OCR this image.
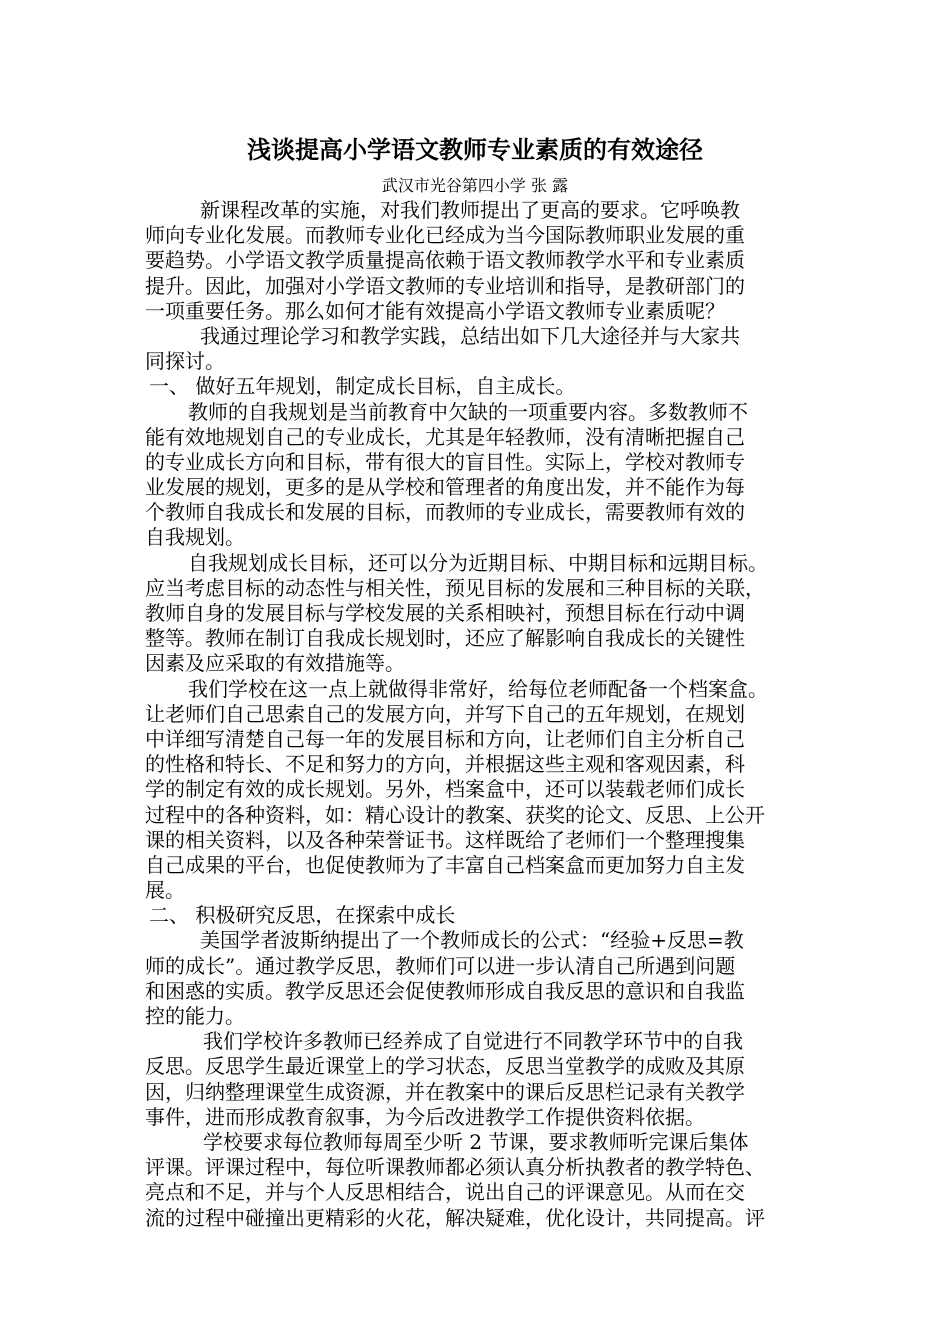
浅谈提高小学语文教师专业素质的有效途径
武汉市光谷第四小学 张 露
新课程改革的实施，对我们教师提出了更高的要求。它呼唤教
师向专业化发展。而教师专业化已经成为当今国际教师职业发展的重
要趋势。小学语文教学质量提高依赖于语文教师教学水平和专业素质
提升。因此，加强对小学语文教师的专业培训和指导，是教研部门的
一项重要任务。那么如何才能有效提高小学语文教师专业素质呢？
我通过理论学习和教学实践，总结出如下几大途径并与大家共
同探讨。
一、 做好五年规划，制定成长目标，自主成长。
教师的自我规划是当前教育中欠缺的一项重要内容。多数教师不
能有效地规划自己的专业成长，尤其是年轻教师，没有清晰把握自己
的专业成长方向和目标，带有很大的盲目性。实际上，学校对教师专
业发展的规划，更多的是从学校和管理者的角度出发，并不能作为每
个教师自我成长和发展的目标，而教师的专业成长，需要教师有效的
自我规划。
自我规划成长目标，还可以分为近期目标、中期目标和远期目标。
应当考虑目标的动态性与相关性，预见目标的发展和三种目标的关联，
教师自身的发展目标与学校发展的关系相映衬，预想目标在行动中调
整等。教师在制订自我成长规划时，还应了解影响自我成长的关键性
因素及应采取的有效措施等。
我们学校在这一点上就做得非常好，给每位老师配备一个档案盒。
让老师们自己思索自己的发展方向，并写下自己的五年规划，在规划
中详细写清楚自己每一年的发展目标和方向，让老师们自主分析自己
的性格和特长、不足和努力的方向，并根据这些主观和客观因素，科
学的制定有效的成长规划。另外，档案盒中，还可以装载老师们成长
过程中的各种资料，如：精心设计的教案、获奖的论文、反思、上公开
课的相关资料，以及各种荣誉证书。这样既给了老师们一个整理搜集
自己成果的平台，也促使教师为了丰富自己档案盒而更加努力自主发
展。
二、 积极研究反思，在探索中成长
美国学者波斯纳提出了一个教师成长的公式：“经验+反思=教
师的成长”。通过教学反思，教师们可以进一步认清自己所遇到问题
和困惑的实质。教学反思还会促使教师形成自我反思的意识和自我监
控的能力。
我们学校许多教师已经养成了自觉进行不同教学环节中的自我
反思。反思学生最近课堂上的学习状态，反思当堂教学的成败及其原
因，归纳整理课堂生成资源，并在教案中的课后反思栏记录有关教学
事件，进而形成教育叙事，为今后改进教学工作提供资料依据。
学校要求每位教师每周至少听 2 节课，要求教师听完课后集体
评课。评课过程中，每位听课教师都必须认真分析执教者的教学特色、
亮点和不足，并与个人反思相结合，说出自己的评课意见。从而在交
流的过程中碰撞出更精彩的火花，解决疑难，优化设计，共同提高。评
